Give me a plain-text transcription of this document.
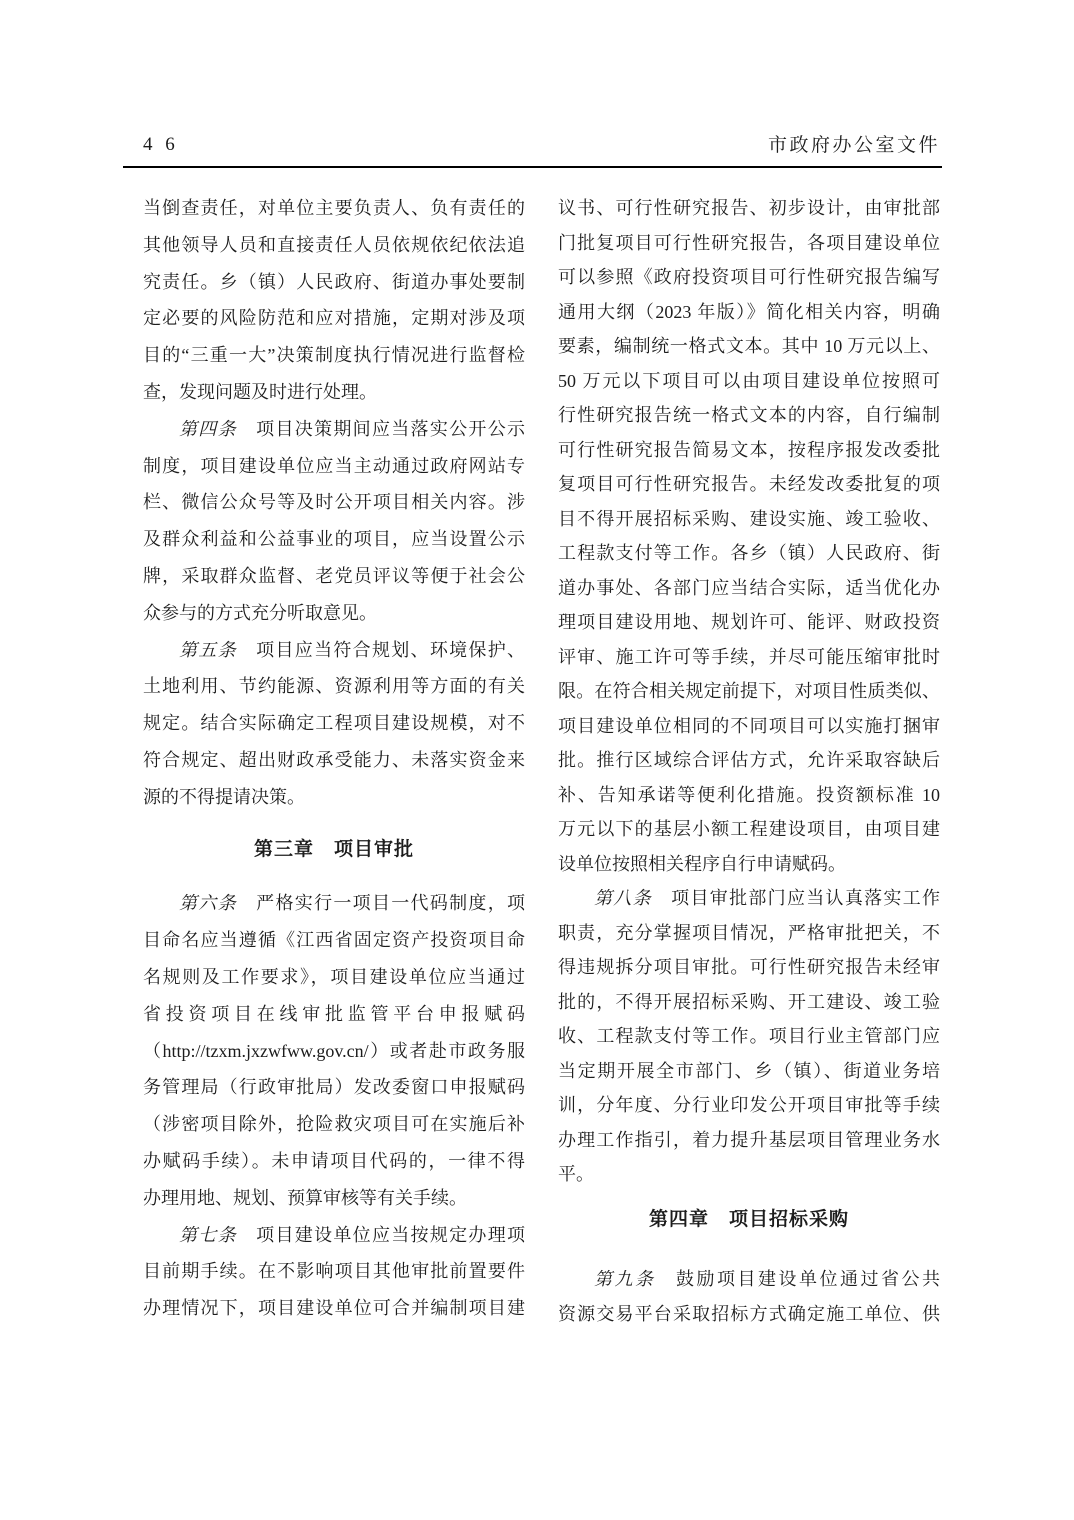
4 6	市政府办公室文件
当倒查责任，对单位主要负责人、负有责任的
其他领导人员和直接责任人员依规依纪依法追
究责任。乡（镇）人民政府、街道办事处要制
定必要的风险防范和应对措施，定期对涉及项
目的“三重一大”决策制度执行情况进行监督检
查，发现问题及时进行处理。
第四条　项目决策期间应当落实公开公示
制度，项目建设单位应当主动通过政府网站专
栏、微信公众号等及时公开项目相关内容。涉
及群众利益和公益事业的项目，应当设置公示
牌，采取群众监督、老党员评议等便于社会公
众参与的方式充分听取意见。
第五条　项目应当符合规划、环境保护、
土地利用、节约能源、资源利用等方面的有关
规定。结合实际确定工程项目建设规模，对不
符合规定、超出财政承受能力、未落实资金来
源的不得提请决策。
第三章　项目审批
第六条　严格实行一项目一代码制度，项
目命名应当遵循《江西省固定资产投资项目命
名规则及工作要求》，项目建设单位应当通过
省投资项目在线审批监管平台申报赋码
（http://tzxm.jxzwfww.gov.cn/）或者赴市政务服
务管理局（行政审批局）发改委窗口申报赋码
（涉密项目除外，抢险救灾项目可在实施后补
办赋码手续）。未申请项目代码的，一律不得
办理用地、规划、预算审核等有关手续。
第七条　项目建设单位应当按规定办理项
目前期手续。在不影响项目其他审批前置要件
办理情况下，项目建设单位可合并编制项目建
议书、可行性研究报告、初步设计，由审批部
门批复项目可行性研究报告，各项目建设单位
可以参照《政府投资项目可行性研究报告编写
通用大纲（2023 年版）》简化相关内容，明确
要素，编制统一格式文本。其中 10 万元以上、
50 万元以下项目可以由项目建设单位按照可
行性研究报告统一格式文本的内容，自行编制
可行性研究报告简易文本，按程序报发改委批
复项目可行性研究报告。未经发改委批复的项
目不得开展招标采购、建设实施、竣工验收、
工程款支付等工作。各乡（镇）人民政府、街
道办事处、各部门应当结合实际，适当优化办
理项目建设用地、规划许可、能评、财政投资
评审、施工许可等手续，并尽可能压缩审批时
限。在符合相关规定前提下，对项目性质类似、
项目建设单位相同的不同项目可以实施打捆审
批。推行区域综合评估方式，允许采取容缺后
补、告知承诺等便利化措施。投资额标准 10
万元以下的基层小额工程建设项目，由项目建
设单位按照相关程序自行申请赋码。
第八条　项目审批部门应当认真落实工作
职责，充分掌握项目情况，严格审批把关，不
得违规拆分项目审批。可行性研究报告未经审
批的，不得开展招标采购、开工建设、竣工验
收、工程款支付等工作。项目行业主管部门应
当定期开展全市部门、乡（镇）、街道业务培
训，分年度、分行业印发公开项目审批等手续
办理工作指引，着力提升基层项目管理业务水
平。
第四章　项目招标采购
第九条　鼓励项目建设单位通过省公共
资源交易平台采取招标方式确定施工单位、供
